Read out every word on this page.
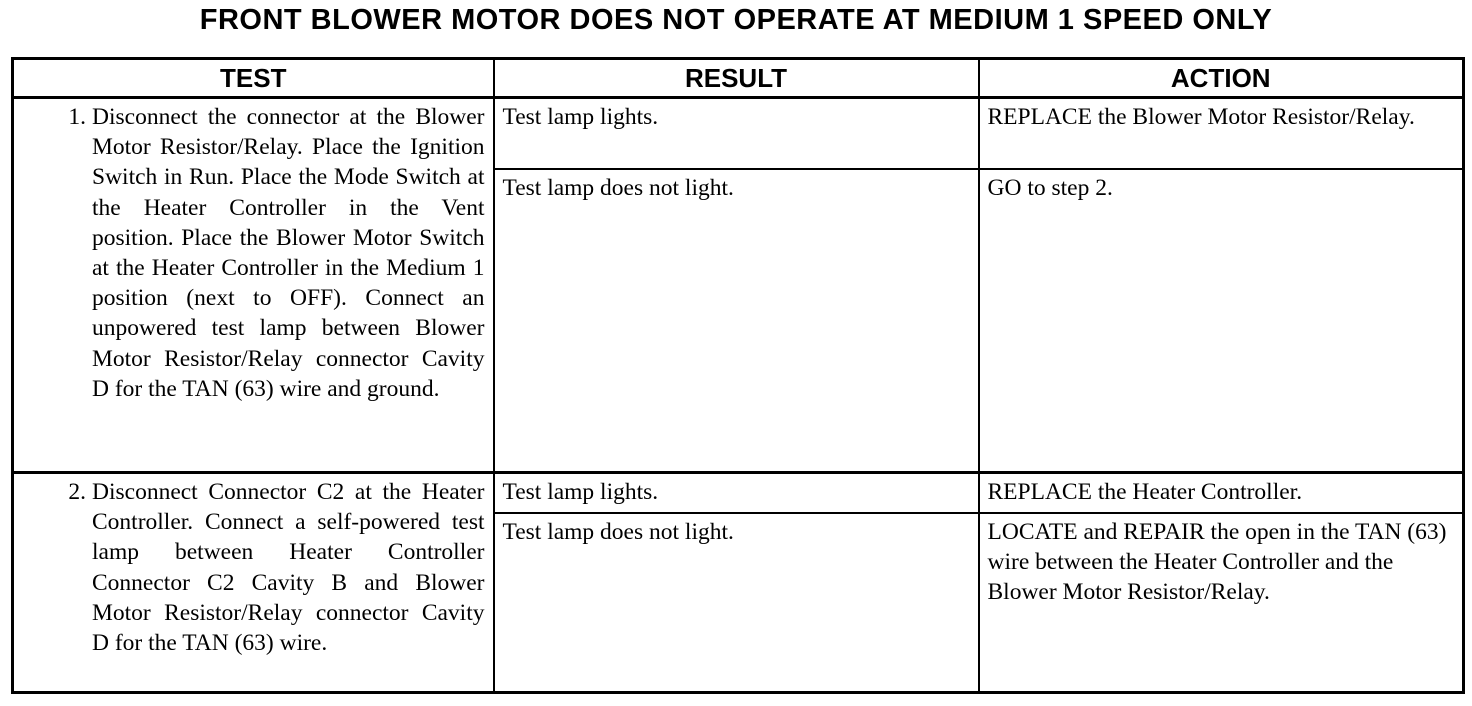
FRONT BLOWER MOTOR DOES NOT OPERATE AT MEDIUM 1 SPEED ONLY
TEST	RESULT	ACTION

1. Disconnect the connector at the Blower Motor Resistor/Relay. Place the Ignition Switch in Run. Place the Mode Switch at the Heater Controller in the Vent position. Place the Blower Motor Switch at the Heater Controller in the Medium 1 position (next to OFF). Connect an unpowered test lamp between Blower Motor Resistor/Relay connector Cavity D for the TAN (63) wire and ground.	Test lamp lights.	REPLACE the Blower Motor Resistor/Relay.
	Test lamp does not light.	GO to step 2.

2. Disconnect Connector C2 at the Heater Controller. Connect a self-powered test lamp between Heater Controller Connector C2 Cavity B and Blower Motor Resistor/Relay connector Cavity D for the TAN (63) wire.	Test lamp lights.	REPLACE the Heater Controller.
	Test lamp does not light.	LOCATE and REPAIR the open in the TAN (63) wire between the Heater Controller and the Blower Motor Resistor/Relay.
